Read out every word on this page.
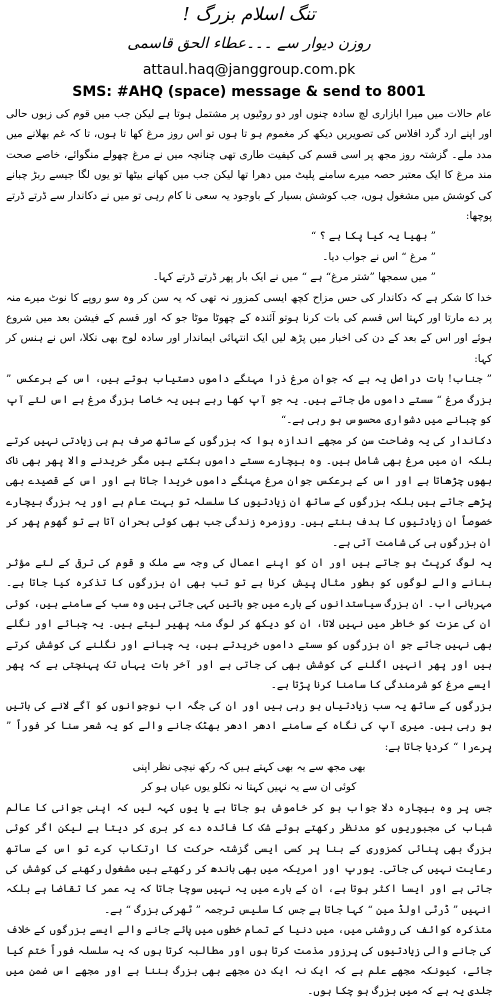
تنگ اسلام بزرگ !
روزن دیوار سے ۔۔۔عطاء الحق قاسمی
attaul.haq@janggroup.com.pk
SMS: #AHQ (space) message & send to 8001

عام حالات میں میرا ابازاری لچ سادہ چنوں اور دو روٹیوں پر مشتمل ہوتا ہے لیکن جب میں قوم کی زبوں حالی اور اپنے ارد گرد افلاس کی تصویریں دیکھ کر مغموم ہو تا ہوں تو اس روز مرغ کھا تا ہوں، تا کہ غم بھلانے میں مدد ملے۔ گزشتہ روز مجھ پر اسی قسم کی کیفیت طاری تھی چنانچہ میں نے مرغ چھولے منگوائے، خاصے صحت مند مرغ کا ایک معتبر حصہ میرے سامنے پلیٹ میں دھرا تھا لیکن جب میں کھانے بیٹھا تو یوں لگا جیسے ربڑ چبانے کی کوشش میں مشغول ہوں، جب کوشش بسیار کے باوجود یہ سعی نا کام رہی تو میں نے دکاندار سے ڈرتے ڈرتے پوچھا:

” بھیا یہ کیا پکا ہے ؟ “

” مرغ “ اس نے جواب دیا۔

” میں سمجھا ”شتر مرغ“ ہے “ میں نے ایک بار پھر ڈرتے ڈرتے کہا۔

خدا کا شکر ہے کہ دکاندار کی حس مزاح کچھ ایسی کمزور نہ تھی کہ یہ سن کر وہ سو روپے کا نوٹ میرے منہ پر دے مارتا اور کہتا اس قسم کی بات کرنا ہوتو آئندہ کے چھوٹا موٹا جو کہ اور قسم کے فیشن بعد میں شروع ہوئے اور اس کے بعد کے دن کی اخبار میں پڑھ لیں ایک انتہائی ایماندار اور سادہ لوح بھی نکلا، اس نے ہنس کر کہا:

” جناب! بات دراصل یہ ہے کہ جوان مرغ ذرا مہنگے داموں دستیاب ہوتے ہیں، اس کے برعکس ” بزرگ مرغ “ سستے داموں مل جاتے ہیں۔ یہ جو آپ کھا رہے ہیں یہ خاصا بزرگ مرغ ہے اس لئے آپ کو چبانے میں دشواری محسوس ہو رہی ہے۔“

دکاندار کی یہ وضاحت سن کر مجھے اندازہ ہوا کہ بزرگوں کے ساتھ صرف ہم ہی زیادتی نہیں کرتے بلکہ ان میں مرغ بھی شامل ہیں۔ وہ بیچارے سستے داموں بکتے ہیں مگر خریدنے والا پھر بھی ناک بھوں چڑھاتا ہے اور اس کے برعکس جوان مرغ مہنگے داموں خریدا جاتا ہے اور اس کے قصیدے بھی پڑھے جاتے ہیں بلکہ بزرگوں کے ساتھ ان زیادتیوں کا سلسلہ تو بہت عام ہے اور یہ بزرگ بیچارے خصوصاً ان زیادتیوں کا ہدف بنتے ہیں۔ روزمرہ زندگی جب بھی کوئی بحران آتا ہے تو گھوم پھر کر ان بزرگوں ہی کی شامت آتی ہے۔

یہ لوگ کرپٹ ہو جاتے ہیں اور ان کو اپنے اعمال کی وجہ سے ملک و قوم کی ترقی کے لئے مؤثر بنانے والے لوگوں کو بطور مثال پیش کرنا ہے تو تب بھی ان بزرگوں کا تذکرہ کیا جاتا ہے۔ مہربانی اب۔ ان بزرگ سیاستدانوں کے بارے میں جو باتیں کہی جاتی ہیں وہ سب کے سامنے ہیں، کوئی ان کی عزت کو خاطر میں نہیں لاتا، ان کو دیکھ کر لوگ منہ پھیر لیتے ہیں۔ یہ چبائے اور نگلے بھی نہیں جاتے جو ان بزرگوں کو سستے داموں خریدتے ہیں، یہ چبانے اور نگلنے کی کوشش کرتے ہیں اور پھر انہیں اگلنے کی کوشش بھی کی جاتی ہے اور آخر بات یہاں تک پہنچتی ہے کہ پھر ایسے مرغ کو شرمندگی کا سامنا کرنا پڑتا ہے۔

بزرگوں کے ساتھ یہ سب زیادتیاں ہو رہی ہیں اور ان کی جگہ اب نوجوانوں کو آگے لانے کی باتیں ہو رہی ہیں۔ میری آپ کی نگاہ کے سامنے ادھر ادھر بھٹک جانے والے کو یہ شعر سنا کر فوراً ” پرےرا “ کردیا جاتا ہے:

بھی مجھ سے یہ بھی کہتے ہیں کہ رکھ نیچی نظر اپنی

کوئی ان سے یہ نہیں کہتا نہ نکلو یوں عیاں ہو کر

جس پر وہ بیچارہ دلا جواب ہو کر خاموش ہو جاتا ہے یا یوں کہہ لیں کہ اپنی جوانی کا عالم شباب کی مجبوریوں کو مدنظر رکھتے ہوئے شک کا فائدہ دے کر بری کر دیتا ہے لیکن اگر کوئی بزرگ بھی پنائی کمزوری کے بنا پر کسی ایسی گزشتہ حرکت کا ارتکاب کرے تو اس کے ساتھ رعایت نہیں کی جاتی۔ یورپ اور امریکہ میں بھی باندھ کر رکھتے ہیں مشغول رکھنے کی کوشش کی جاتی ہے اور ایسا اکثر ہوتا ہے، ان کے بارے میں یہ نہیں سوچا جاتا کہ یہ عمر کا تقاضا ہے بلکہ انہیں ” ڈرٹی اولڈ مین “ کہا جاتا ہے جس کا سلیس ترجمہ ” ٹھرکی بزرگ “ ہے۔

متذکرہ کوائف کی روشنی میں، میں دنیا کے تمام خطوں میں پائے جانے والے ایسے بزرگوں کے خلاف کی جانے والی زیادتیوں کی پرزور مذمت کرتا ہوں اور مطالبہ کرتا ہوں کہ یہ سلسلہ فوراً ختم کیا جائے، کیونکہ مجھے علم ہے کہ ایک نہ ایک دن مجھے بھی بزرگ بننا ہے اور مجھے اس ضمن میں جلدی یہ ہے کہ میں بزرگ ہو چکا ہوں۔
